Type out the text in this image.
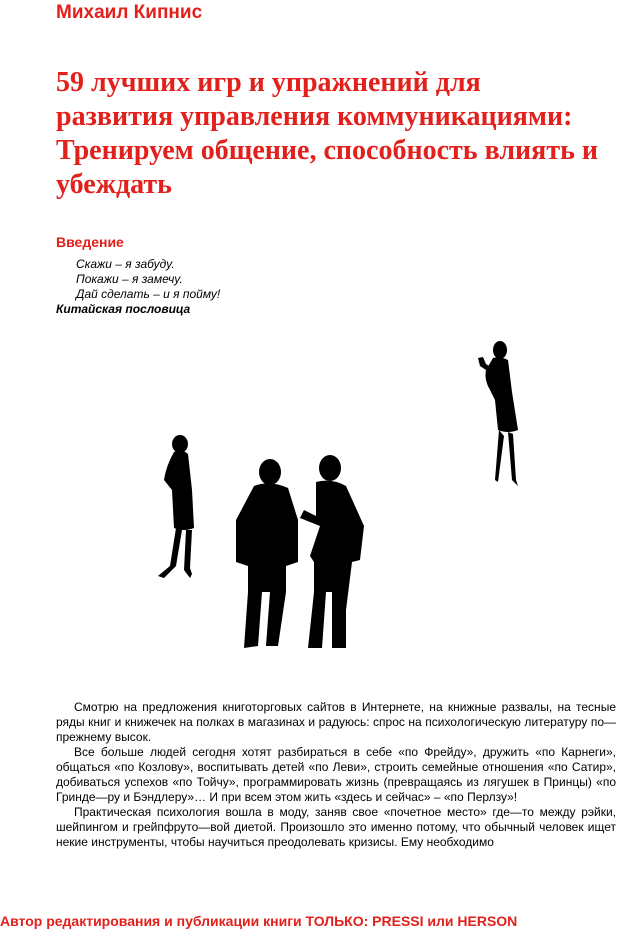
Михаил Кипнис
59 лучших игр и упражнений для
развития управления коммуникациями:
Тренируем общение, способность влиять и
убеждать
Введение
Скажи – я забуду.
Покажи – я замечу.
Дай сделать – и я пойму!
Китайская пословица

Смотрю на предложения книготорговых сайтов в Интернете, на книжные развалы, на тесные ряды книг и книжечек на полках в магазинах и радуюсь: спрос на психологическую литературу по—прежнему высок.

Все больше людей сегодня хотят разбираться в себе «по Фрейду», дружить «по Карнеги», общаться «по Козлову», воспитывать детей «по Леви», строить семейные отношения «по Сатир», добиваться успехов «по Тойчу», программировать жизнь (превращаясь из лягушек в Принцы) «по Гринде—ру и Бэндлеру»… И при всем этом жить «здесь и сейчас» – «по Перлзу»!

Практическая психология вошла в моду, заняв свое «почетное место» где—то между рэйки, шейпингом и грейпфруто—вой диетой. Произошло это именно потому, что обычный человек ищет некие инструменты, чтобы научиться преодолевать кризисы. Ему необходимо

Автор редактирования и публикации книги ТОЛЬКО: PRESSI или HERSON
